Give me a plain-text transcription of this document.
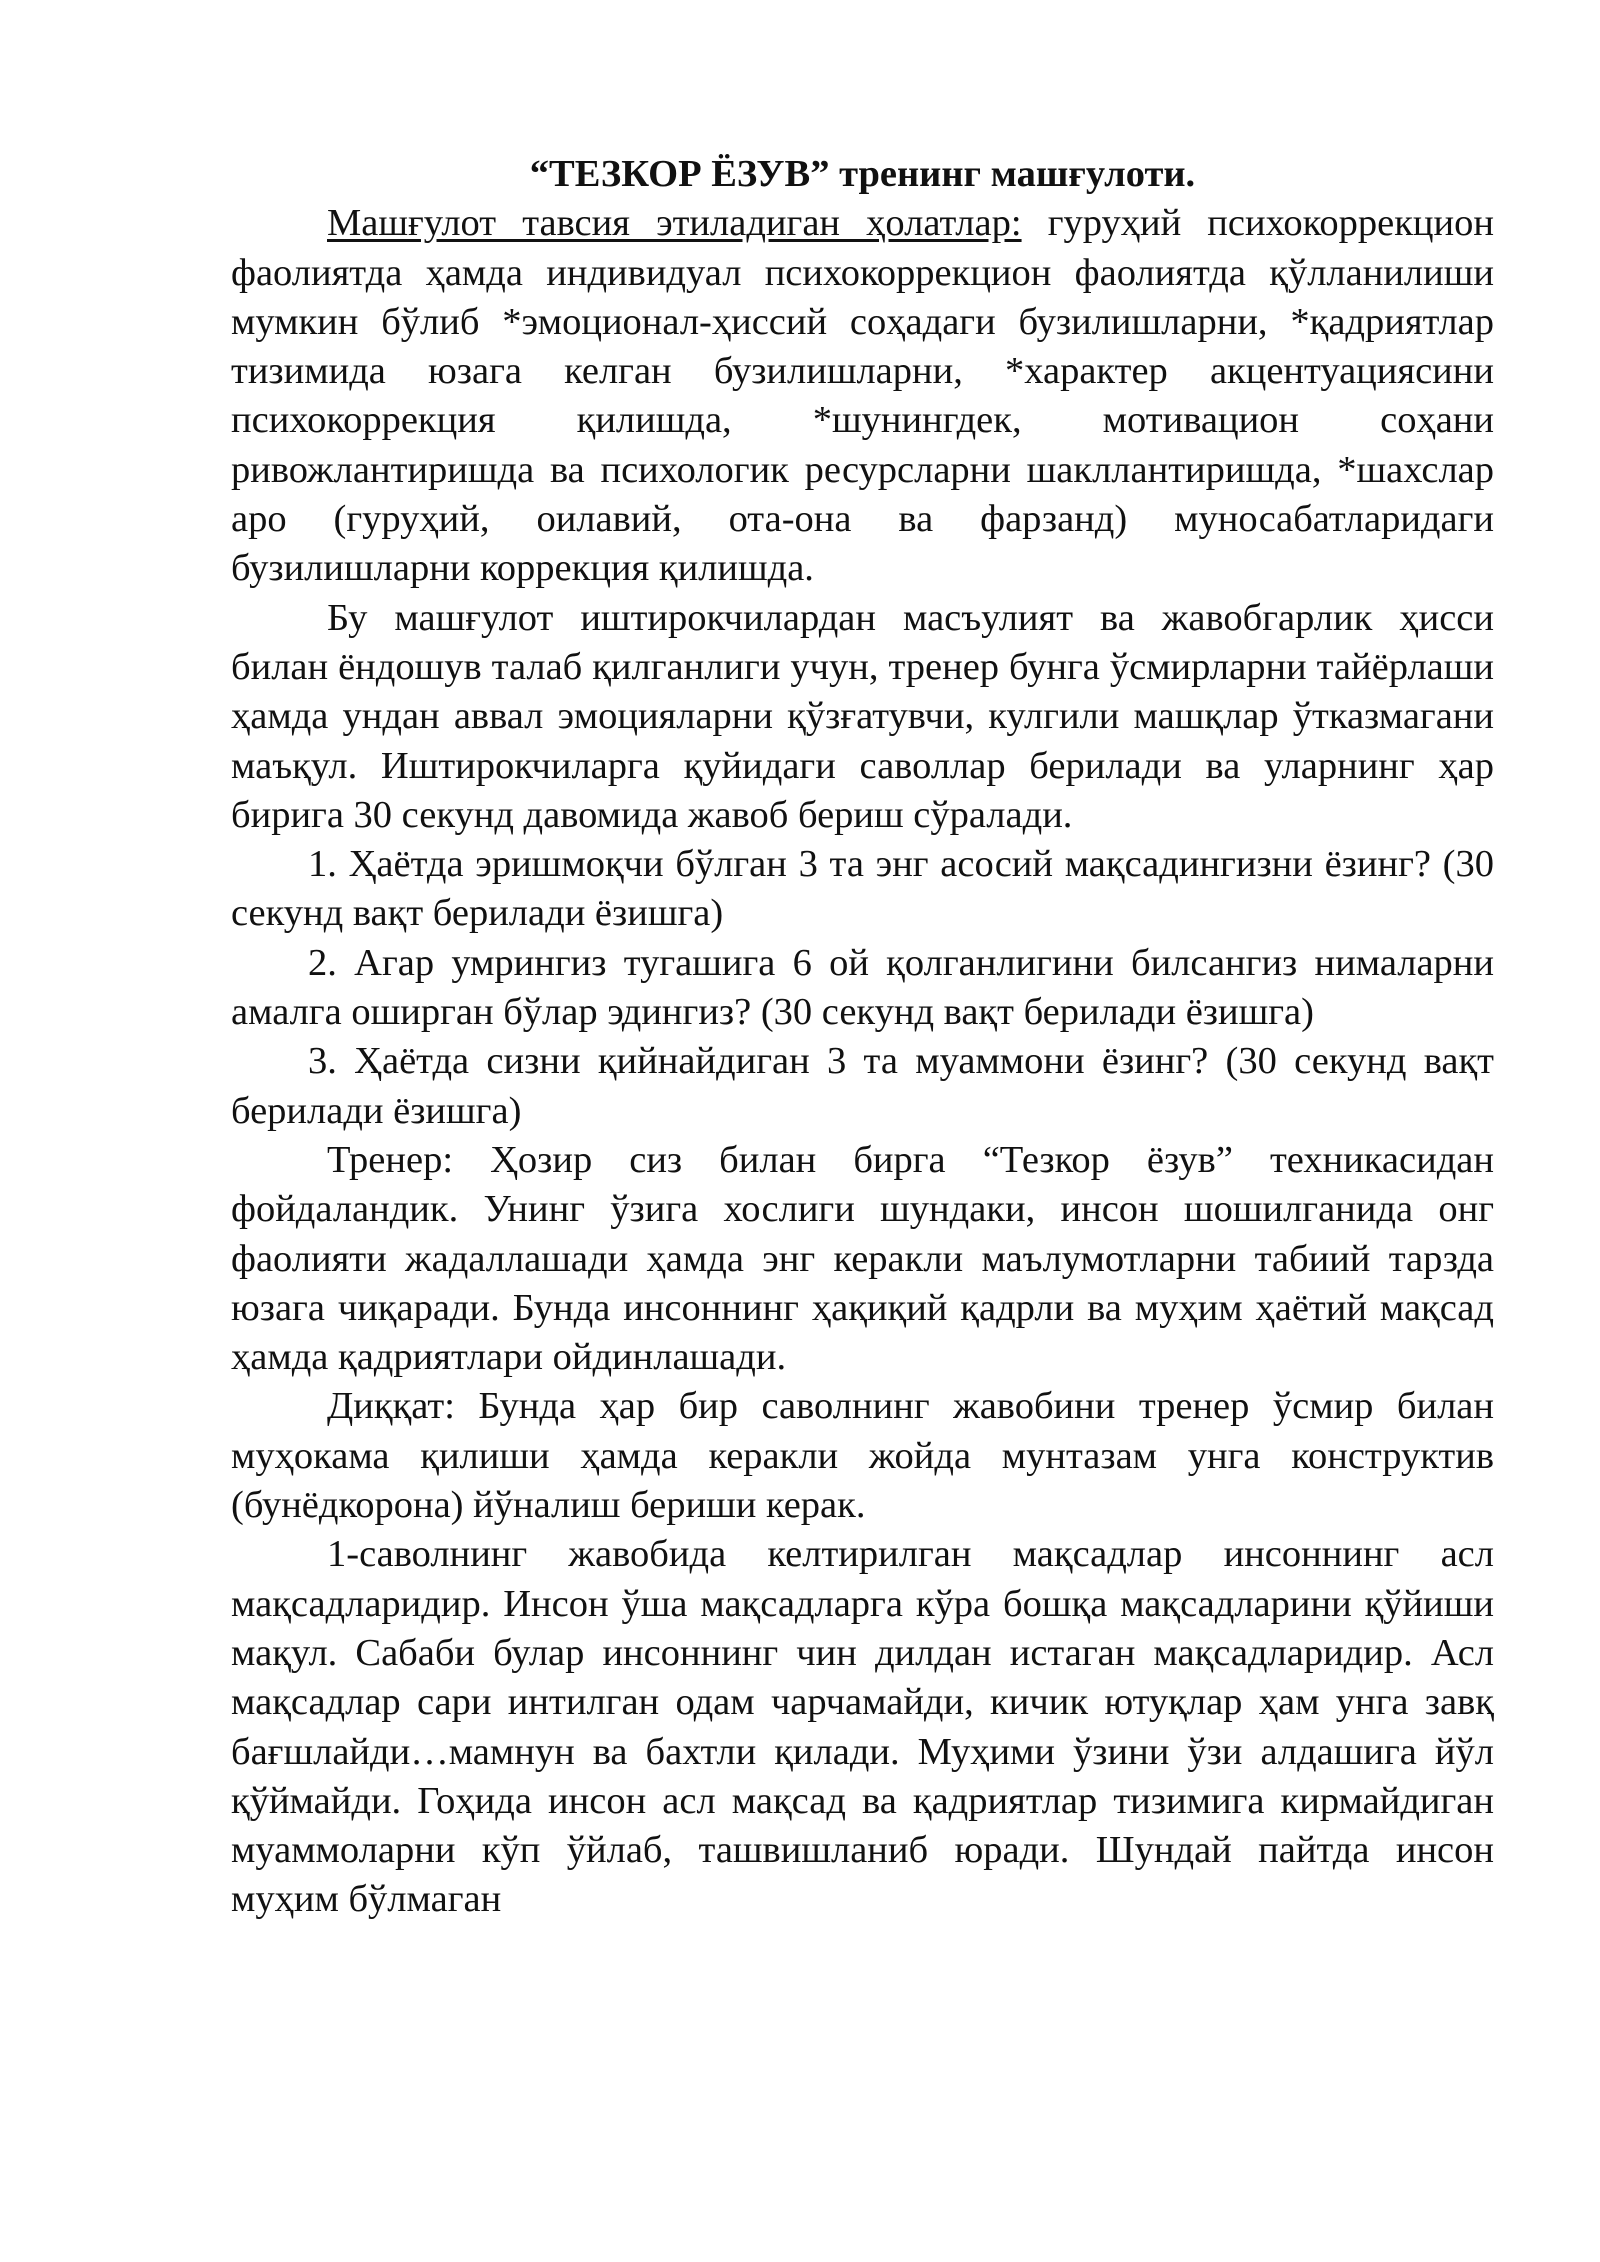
“ТЕЗКОР ЁЗУВ” тренинг машғулоти.

Машғулот тавсия этиладиган ҳолатлар: гуруҳий психокоррекцион фаолиятда ҳамда индивидуал психокоррекцион фаолиятда қўлланилиши мумкин бўлиб *эмоционал-ҳиссий соҳадаги бузилишларни, *қадриятлар тизимида юзага келган бузилишларни, *характер акцентуациясини психокоррекция қилишда, *шунингдек, мотивацион соҳани ривожлантиришда ва психологик ресурсларни шакллантиришда, *шахслар аро (гуруҳий, оилавий, ота-она ва фарзанд) муносабатларидаги бузилишларни коррекция қилишда.

Бу машғулот иштирокчилардан масъулият ва жавобгарлик ҳисси билан ёндошув талаб қилганлиги учун, тренер бунга ўсмирларни тайёрлаши ҳамда ундан аввал эмоцияларни қўзғатувчи, кулгили машқлар ўтказмагани маъқул. Иштирокчиларга қуйидаги саволлар берилади ва уларнинг ҳар бирига 30 секунд давомида жавоб бериш сўралади.

1. Ҳаётда эришмоқчи бўлган 3 та энг асосий мақсадингизни ёзинг? (30 секунд вақт берилади ёзишга)

2. Агар умрингиз тугашига 6 ой қолганлигини билсангиз нималарни амалга оширган бўлар эдингиз? (30 секунд вақт берилади ёзишга)

3. Ҳаётда сизни қийнайдиган 3 та муаммони ёзинг? (30 секунд вақт берилади ёзишга)

Тренер: Ҳозир сиз билан бирга “Тезкор ёзув” техникасидан фойдаландик. Унинг ўзига хослиги шундаки, инсон шошилганида онг фаолияти жадаллашади ҳамда энг керакли маълумотларни табиий тарзда юзага чиқаради. Бунда инсоннинг ҳақиқий қадрли ва муҳим ҳаётий мақсад ҳамда қадриятлари ойдинлашади.

Диққат: Бунда ҳар бир саволнинг жавобини тренер ўсмир билан муҳокама қилиши ҳамда керакли жойда мунтазам унга конструктив (бунёдкорона) йўналиш бериши керак.

1-саволнинг жавобида келтирилган мақсадлар инсоннинг асл мақсадларидир. Инсон ўша мақсадларга кўра бошқа мақсадларини қўйиши мақул. Сабаби булар инсоннинг чин дилдан истаган мақсадларидир. Асл мақсадлар сари интилган одам чарчамайди, кичик ютуқлар ҳам унга завқ бағшлайди…мамнун ва бахтли қилади. Муҳими ўзини ўзи алдашига йўл қўймайди. Гоҳида инсон асл мақсад ва қадриятлар тизимига кирмайдиган муаммоларни кўп ўйлаб, ташвишланиб юради. Шундай пайтда инсон муҳим бўлмаган
